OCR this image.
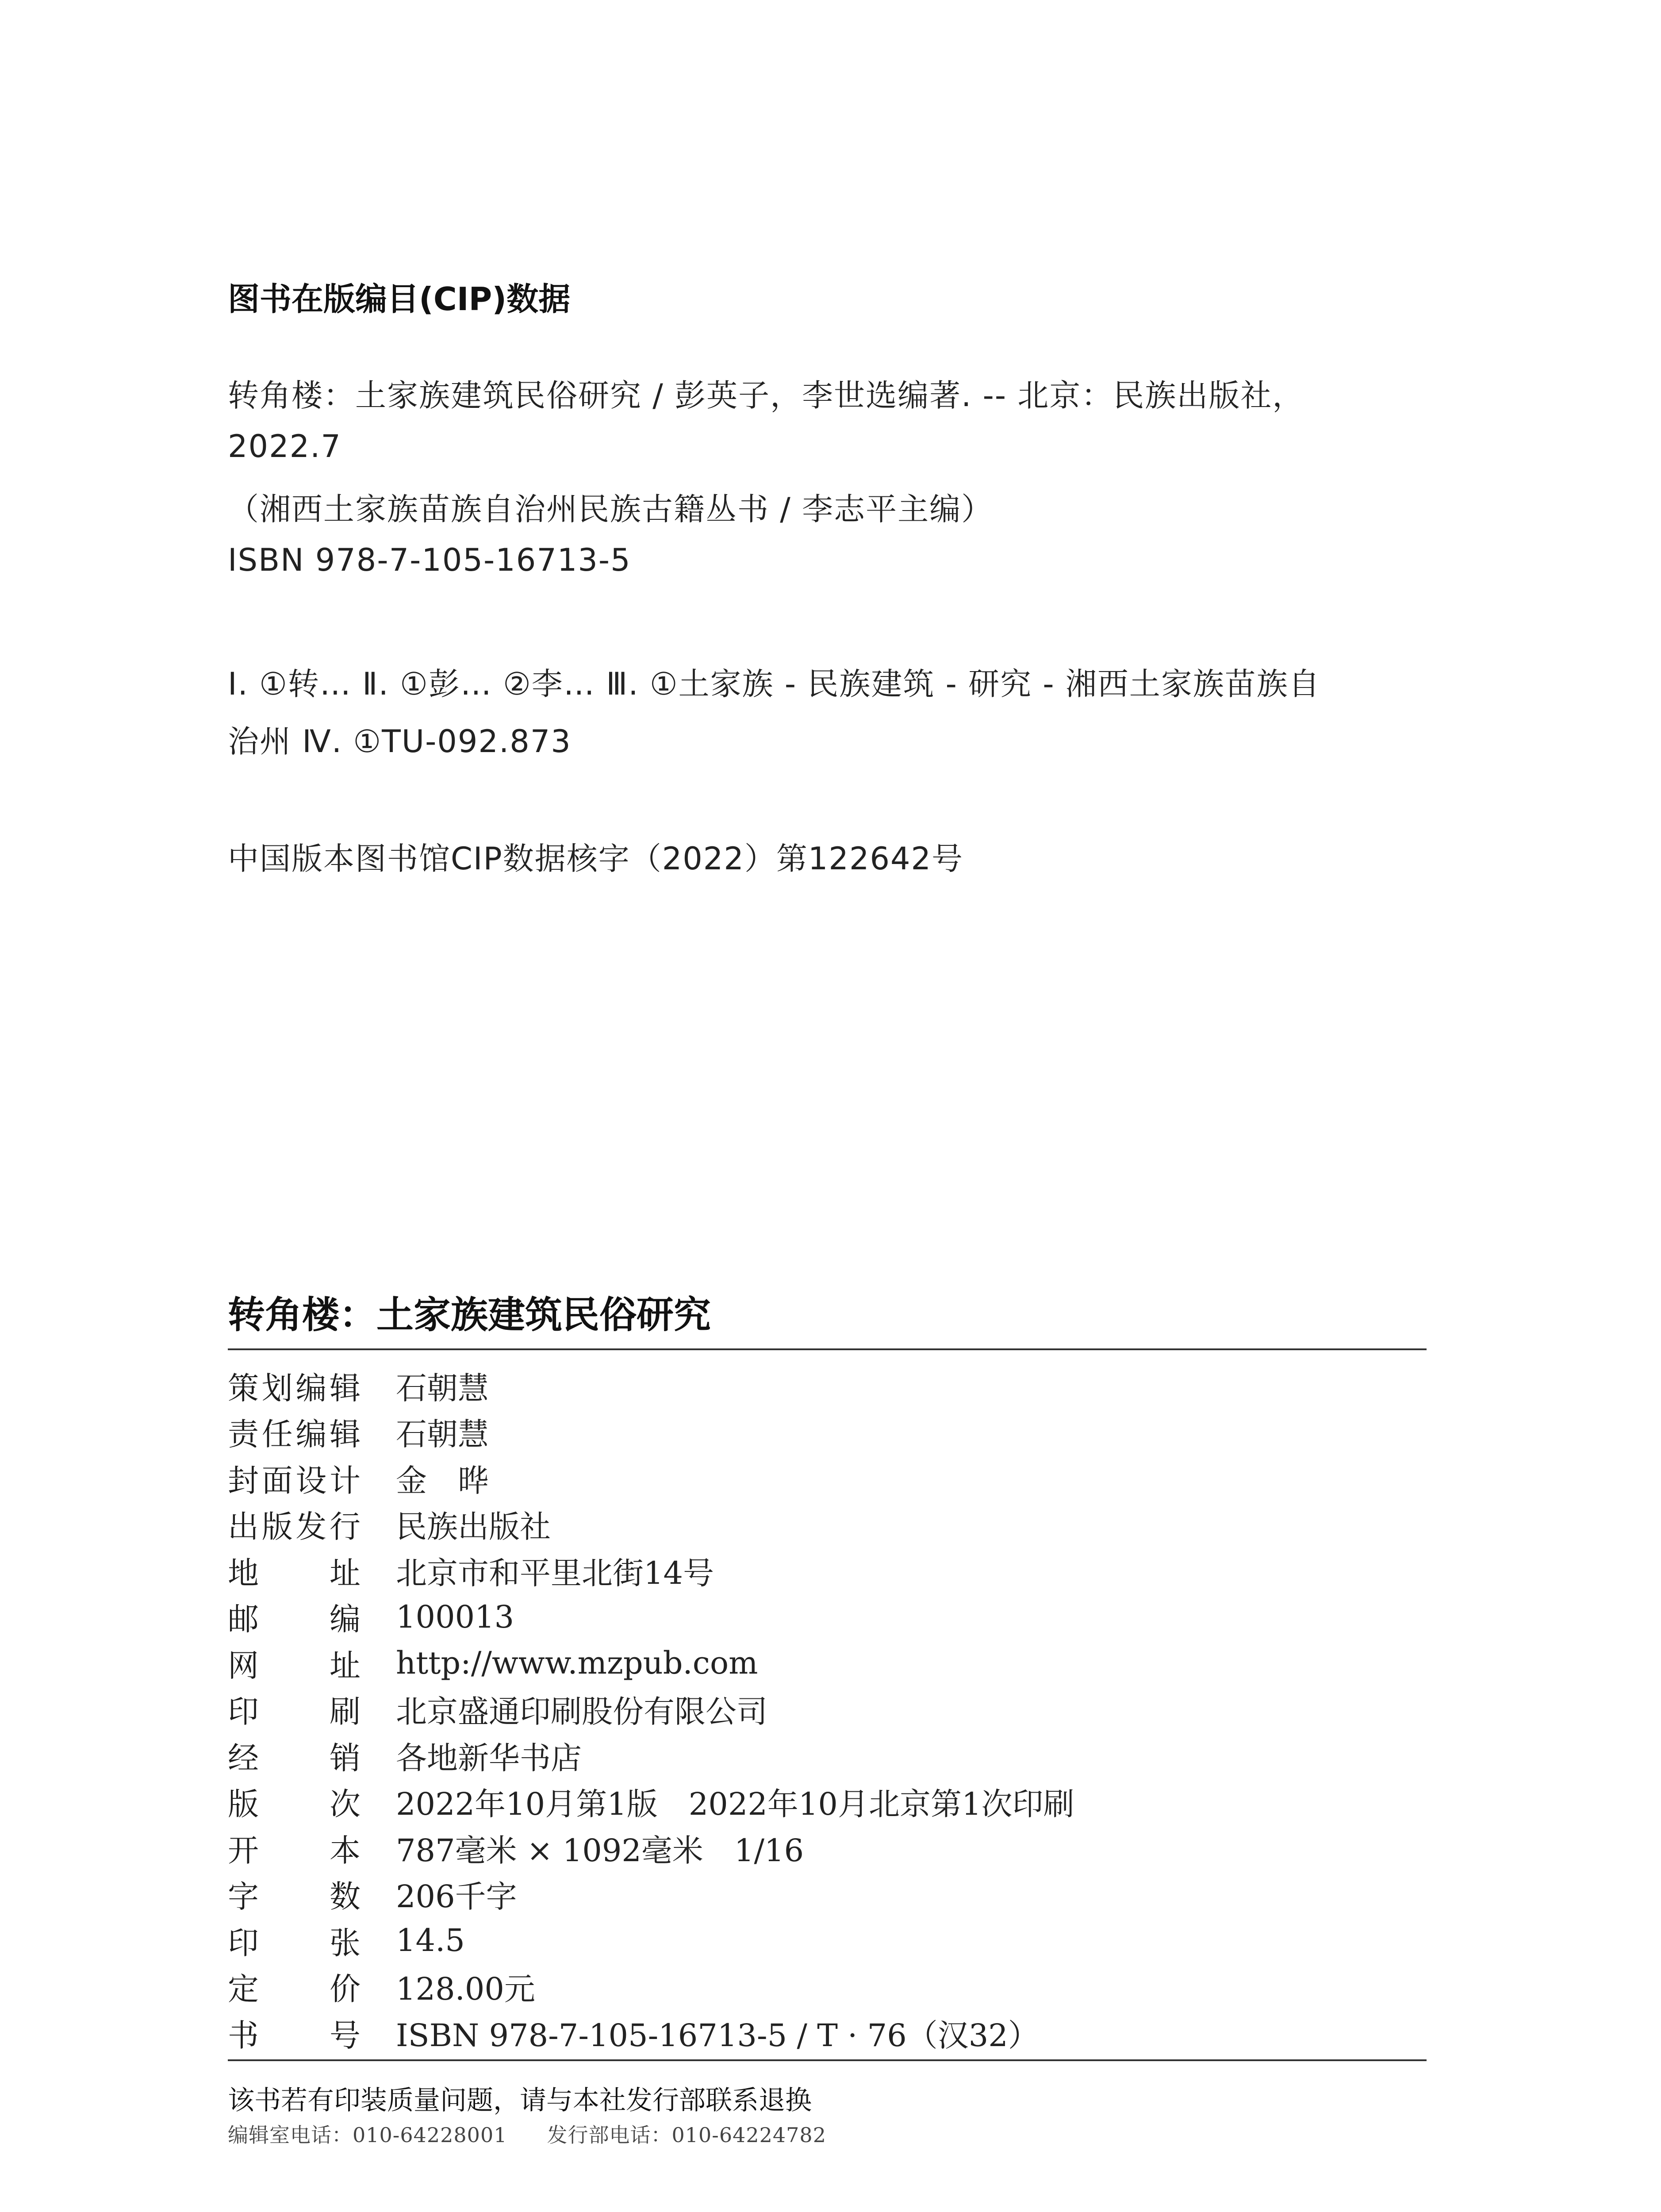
图书在版编目(CIP)数据
转角楼：土家族建筑民俗研究 / 彭英子，李世选编著. -- 北京：民族出版社，
2022.7
（湘西土家族苗族自治州民族古籍丛书 / 李志平主编）
ISBN 978-7-105-16713-5
Ⅰ. ①转… Ⅱ. ①彭… ②李… Ⅲ. ①土家族 - 民族建筑 - 研究 - 湘西土家族苗族自
治州 Ⅳ. ①TU-092.873
中国版本图书馆CIP数据核字（2022）第122642号
转角楼：土家族建筑民俗研究
策 划 编 辑 石朝慧
责 任 编 辑 石朝慧
封 面 设 计 金　晔
出 版 发 行 民族出版社
地 址 北京市和平里北街14号
邮 编 100013
网 址 http://www.mzpub.com
印 刷 北京盛通印刷股份有限公司
经 销 各地新华书店
版 次 2022年10月第1版　2022年10月北京第1次印刷
开 本 787毫米 × 1092毫米　1/16
字 数 206千字
印 张 14.5
定 价 128.00元
书 号 ISBN 978-7-105-16713-5 / T · 76（汉32）
该书若有印装质量问题，请与本社发行部联系退换
编辑室电话：010-64228001 发行部电话：010-64224782
